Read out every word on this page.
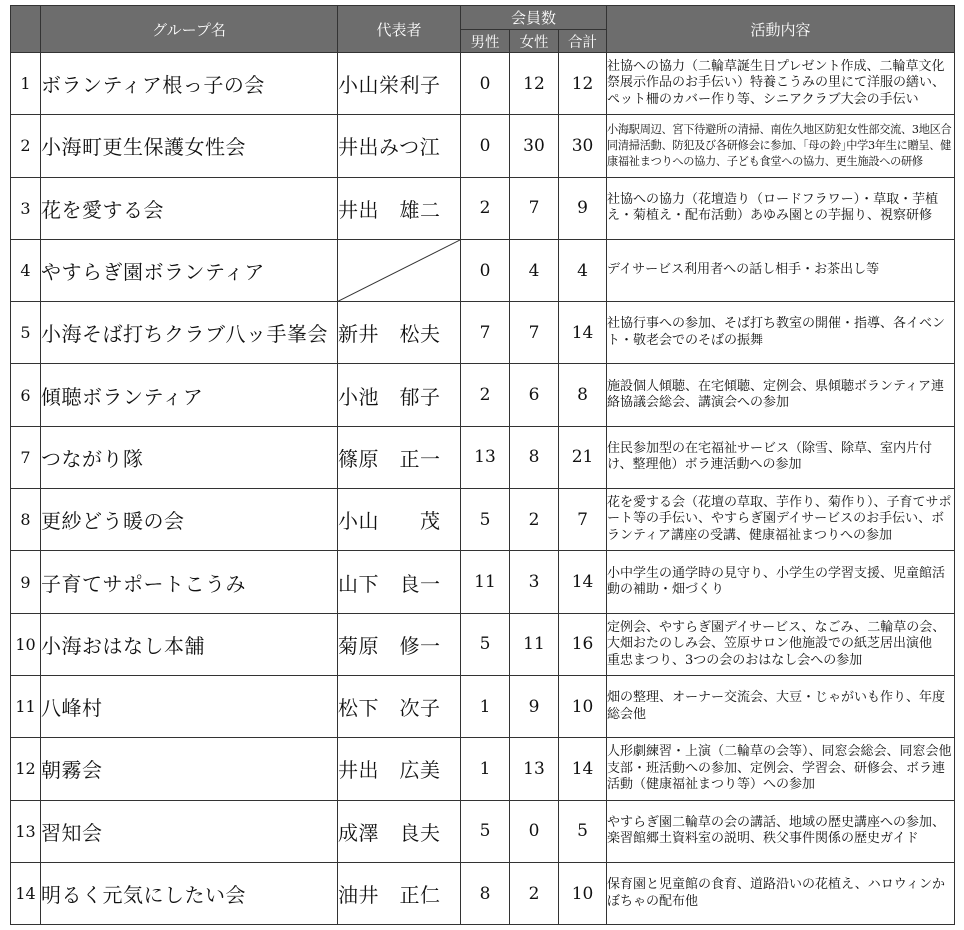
	グループ名	代表者	会員数			活動内容
			男性	女性	合計	
1	ボランティア根っ子の会	小山栄利子	0	12	12	社協への協力（二輪草誕生日プレゼント作成、二輪草文化祭展示作品のお手伝い）特養こうみの里にて洋服の繕い、ペット柵のカバー作り等、シニアクラブ大会の手伝い
2	小海町更生保護女性会	井出みつ江	0	30	30	小海駅周辺、宮下待避所の清掃、南佐久地区防犯女性部交流、3地区合同清掃活動、防犯及び各研修会に参加、｢母の鈴｣中学3年生に贈呈、健康福祉まつりへの協力、子ども食堂への協力、更生施設への研修
3	花を愛する会	井出　雄二	2	7	9	社協への協力（花壇造り（ロードフラワー）・草取・芋植え・菊植え・配布活動）あゆみ園との芋掘り、視察研修
4	やすらぎ園ボランティア		0	4	4	デイサービス利用者への話し相手・お茶出し等
5	小海そば打ちクラブ八ッ手峯会	新井　松夫	7	7	14	社協行事への参加、そば打ち教室の開催・指導、各イベント・敬老会でのそばの振舞
6	傾聴ボランティア	小池　郁子	2	6	8	施設個人傾聴、在宅傾聴、定例会、県傾聴ボランティア連絡協議会総会、講演会への参加
7	つながり隊	篠原　正一	13	8	21	住民参加型の在宅福祉サービス（除雪、除草、室内片付け、整理他）ボラ連活動への参加
8	更紗どう暖の会	小山　　茂	5	2	7	花を愛する会（花壇の草取、芋作り、菊作り）、子育てサポート等の手伝い、やすらぎ園デイサービスのお手伝い、ボランティア講座の受講、健康福祉まつりへの参加
9	子育てサポートこうみ	山下　良一	11	3	14	小中学生の通学時の見守り、小学生の学習支援、児童館活動の補助・畑づくり
10	小海おはなし本舗	菊原　修一	5	11	16	定例会、やすらぎ園デイサービス、なごみ、二輪草の会、大畑おたのしみ会、笠原サロン他施設での紙芝居出演他　重忠まつり、3つの会のおはなし会への参加
11	八峰村	松下　次子	1	9	10	畑の整理、オーナー交流会、大豆・じゃがいも作り、年度総会他
12	朝霧会	井出　広美	1	13	14	人形劇練習・上演（二輪草の会等）、同窓会総会、同窓会他支部・班活動への参加、定例会、学習会、研修会、ボラ連活動（健康福祉まつり等）への参加
13	習知会	成澤　良夫	5	0	5	やすらぎ園二輪草の会の講話、地域の歴史講座への参加、楽習館郷土資料室の説明、秩父事件関係の歴史ガイド
14	明るく元気にしたい会	油井　正仁	8	2	10	保育園と児童館の食育、道路沿いの花植え、ハロウィンかぼちゃの配布他
